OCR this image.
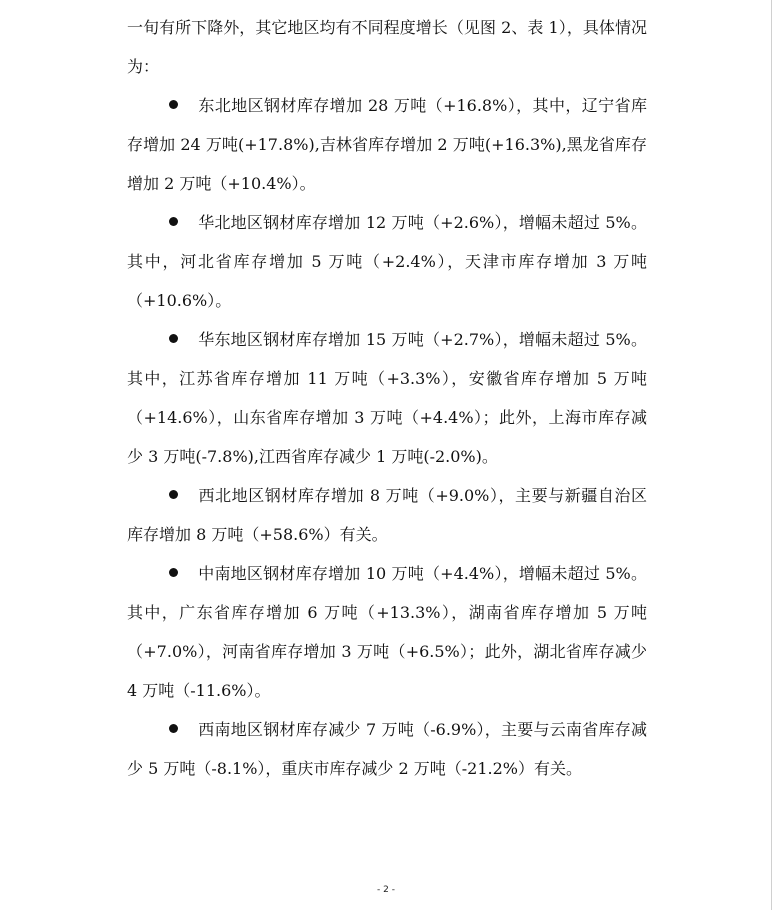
一旬有所下降外，其它地区均有不同程度增长（见图 2、表 1），具体情况为：

东北地区钢材库存增加 28 万吨（+16.8%），其中，辽宁省库存增加 24 万吨(+17.8%),吉林省库存增加 2 万吨(+16.3%),黑龙省库存增加 2 万吨（+10.4%）。

华北地区钢材库存增加 12 万吨（+2.6%），增幅未超过 5%。其中，河北省库存增加 5 万吨（+2.4%），天津市库存增加 3 万吨（+10.6%）。

华东地区钢材库存增加 15 万吨（+2.7%），增幅未超过 5%。其中，江苏省库存增加 11 万吨（+3.3%），安徽省库存增加 5 万吨（+14.6%），山东省库存增加 3 万吨（+4.4%）；此外，上海市库存减少 3 万吨(-7.8%),江西省库存减少 1 万吨(-2.0%)。

西北地区钢材库存增加 8 万吨（+9.0%），主要与新疆自治区库存增加 8 万吨（+58.6%）有关。

中南地区钢材库存增加 10 万吨（+4.4%），增幅未超过 5%。其中，广东省库存增加 6 万吨（+13.3%），湖南省库存增加 5 万吨（+7.0%），河南省库存增加 3 万吨（+6.5%）；此外，湖北省库存减少 4 万吨（-11.6%）。

西南地区钢材库存减少 7 万吨（-6.9%），主要与云南省库存减少 5 万吨（-8.1%），重庆市库存减少 2 万吨（-21.2%）有关。

- 2 -
